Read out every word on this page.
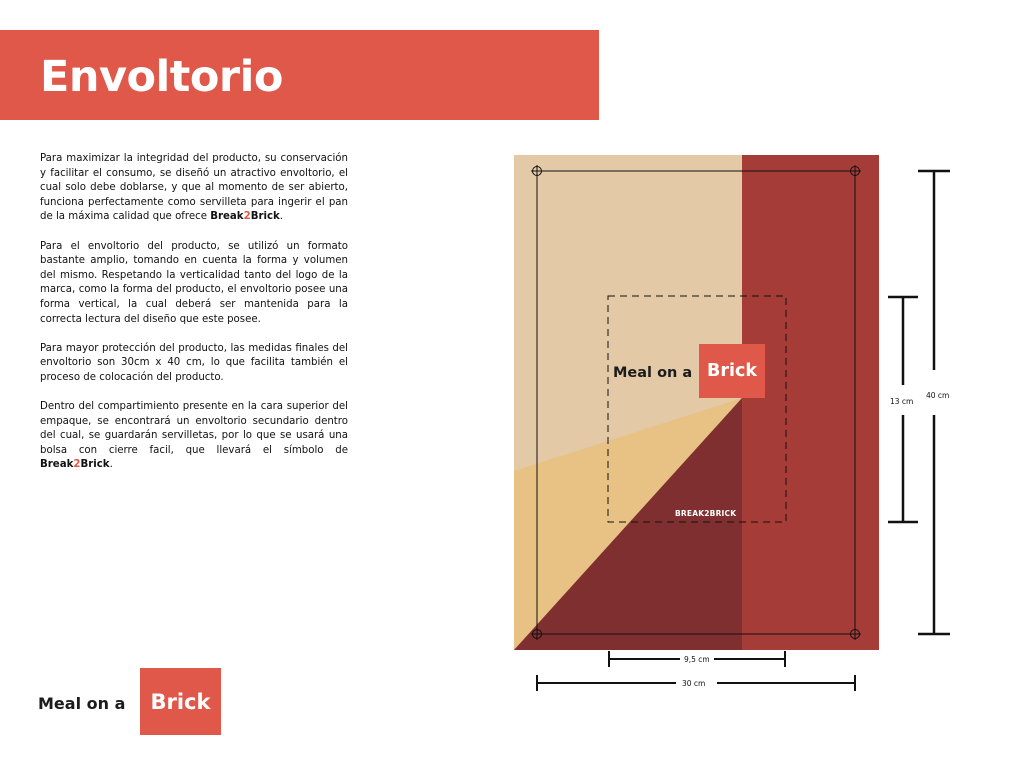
Envoltorio

Para maximizar la integridad del producto, su conservación y facilitar el consumo, se diseñó un atractivo envoltorio, el cual solo debe doblarse, y que al momento de ser abierto, funciona perfectamente como servilleta para ingerir el pan de la máxima calidad que ofrece Break2Brick.

Para el envoltorio del producto, se utilizó un formato bastante amplio, tomando en cuenta la forma y volumen del mismo. Respetando la verticalidad tanto del logo de la marca, como la forma del producto, el envoltorio posee una forma vertical, la cual deberá ser mantenida para la correcta lectura del diseño que este posee.

Para mayor protección del producto, las medidas finales del envoltorio son 30cm x 40 cm, lo que facilita también el proceso de colocación del producto.

Dentro del compartimiento presente en la cara superior del empaque, se encontrará un envoltorio secundario dentro del cual, se guardarán servilletas, por lo que se usará una bolsa con cierre facil, que llevará el símbolo de Break2Brick.

Meal on a	Brick
Meal on a Brick
BREAK2BRICK
13 cm
40 cm
9,5 cm
30 cm
